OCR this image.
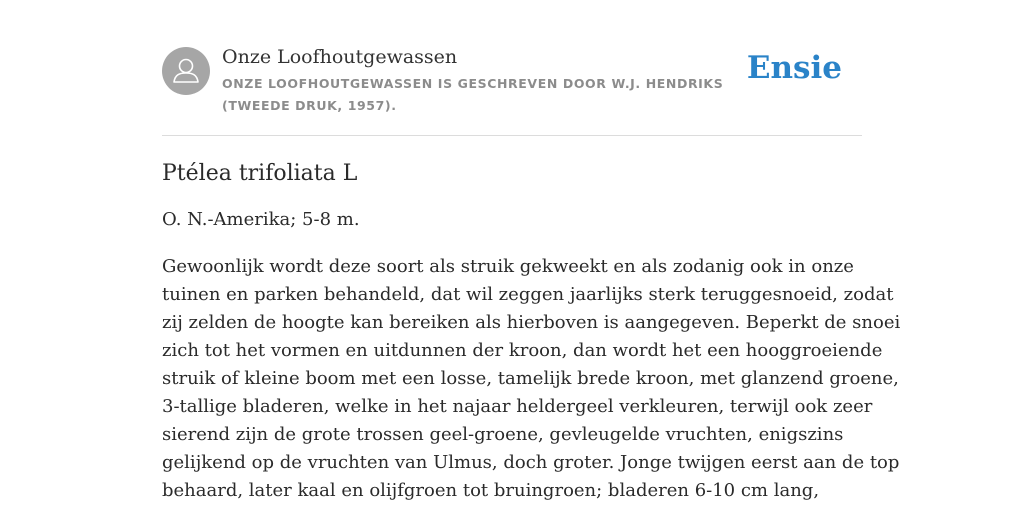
Onze Loofhoutgewassen
ONZE LOOFHOUTGEWASSEN IS GESCHREVEN DOOR W.J. HENDRIKS (TWEEDE DRUK, 1957).
Ensie
Ptélea trifoliata L

O. N.-Amerika; 5-8 m.

Gewoonlijk wordt deze soort als struik gekweekt en als zodanig ook in onze
tuinen en parken behandeld, dat wil zeggen jaarlijks sterk teruggesnoeid, zodat
zij zelden de hoogte kan bereiken als hierboven is aangegeven. Beperkt de snoei
zich tot het vormen en uitdunnen der kroon, dan wordt het een hooggroeiende
struik of kleine boom met een losse, tamelijk brede kroon, met glanzend groene,
3-tallige bladeren, welke in het najaar heldergeel verkleuren, terwijl ook zeer
sierend zijn de grote trossen geel-groene, gevleugelde vruchten, enigszins
gelijkend op de vruchten van Ulmus, doch groter. Jonge twijgen eerst aan de top
behaard, later kaal en olijfgroen tot bruingroen; bladeren 6-10 cm lang,
